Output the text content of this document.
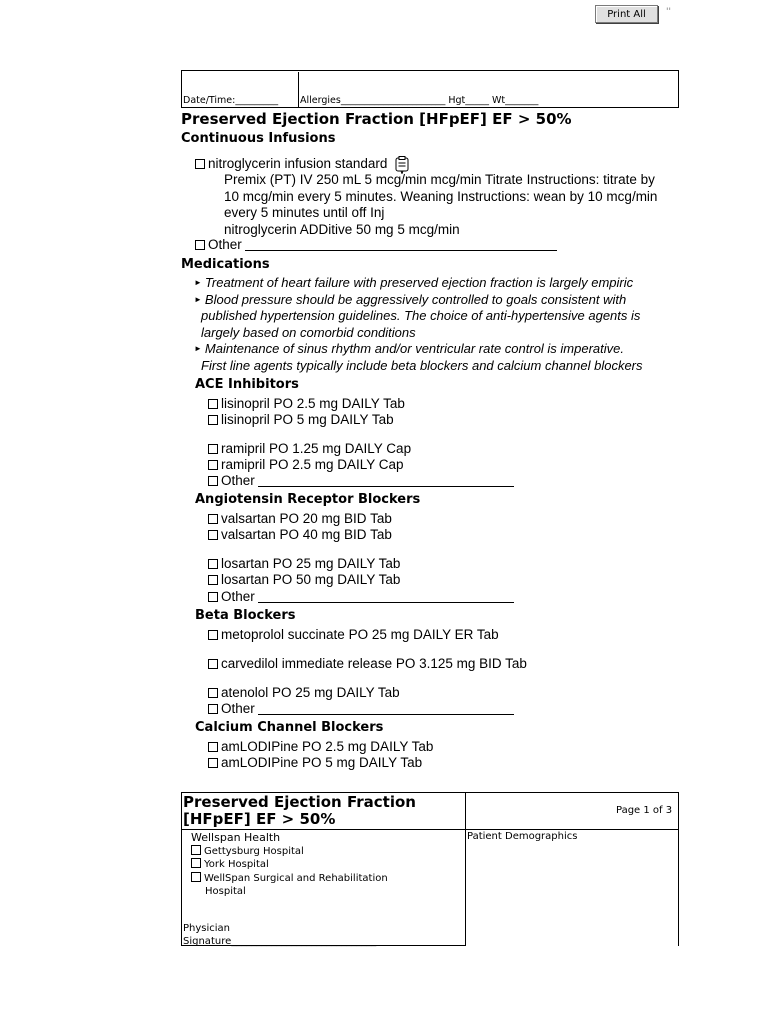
Print All	''
Date/Time:_________ Allergies______________________ Hgt_____ Wt_______
Preserved Ejection Fraction [HFpEF] EF > 50%
Continuous Infusions
nitroglycerin infusion standard
Premix (PT) IV 250 mL 5 mcg/min mcg/min Titrate Instructions: titrate by
10 mcg/min every 5 minutes. Weaning Instructions: wean by 10 mcg/min
every 5 minutes until off Inj
nitroglycerin ADDitive 50 mg 5 mcg/min
Other
Medications
► Treatment of heart failure with preserved ejection fraction is largely empiric
► Blood pressure should be aggressively controlled to goals consistent with
published hypertension guidelines. The choice of anti-hypertensive agents is
largely based on comorbid conditions
► Maintenance of sinus rhythm and/or ventricular rate control is imperative.
First line agents typically include beta blockers and calcium channel blockers
ACE Inhibitors
lisinopril PO 2.5 mg DAILY Tab
lisinopril PO 5 mg DAILY Tab
ramipril PO 1.25 mg DAILY Cap
ramipril PO 2.5 mg DAILY Cap
Other
Angiotensin Receptor Blockers
valsartan PO 20 mg BID Tab
valsartan PO 40 mg BID Tab
losartan PO 25 mg DAILY Tab
losartan PO 50 mg DAILY Tab
Other
Beta Blockers
metoprolol succinate PO 25 mg DAILY ER Tab
carvedilol immediate release PO 3.125 mg BID Tab
atenolol PO 25 mg DAILY Tab
Other
Calcium Channel Blockers
amLODIPine PO 2.5 mg DAILY Tab
amLODIPine PO 5 mg DAILY Tab
Preserved Ejection Fraction
[HFpEF] EF > 50%	Page 1 of 3
Wellspan Health
Gettysburg Hospital
York Hospital
WellSpan Surgical and Rehabilitation
Hospital
Patient Demographics
Physician
Signature_____________________________
